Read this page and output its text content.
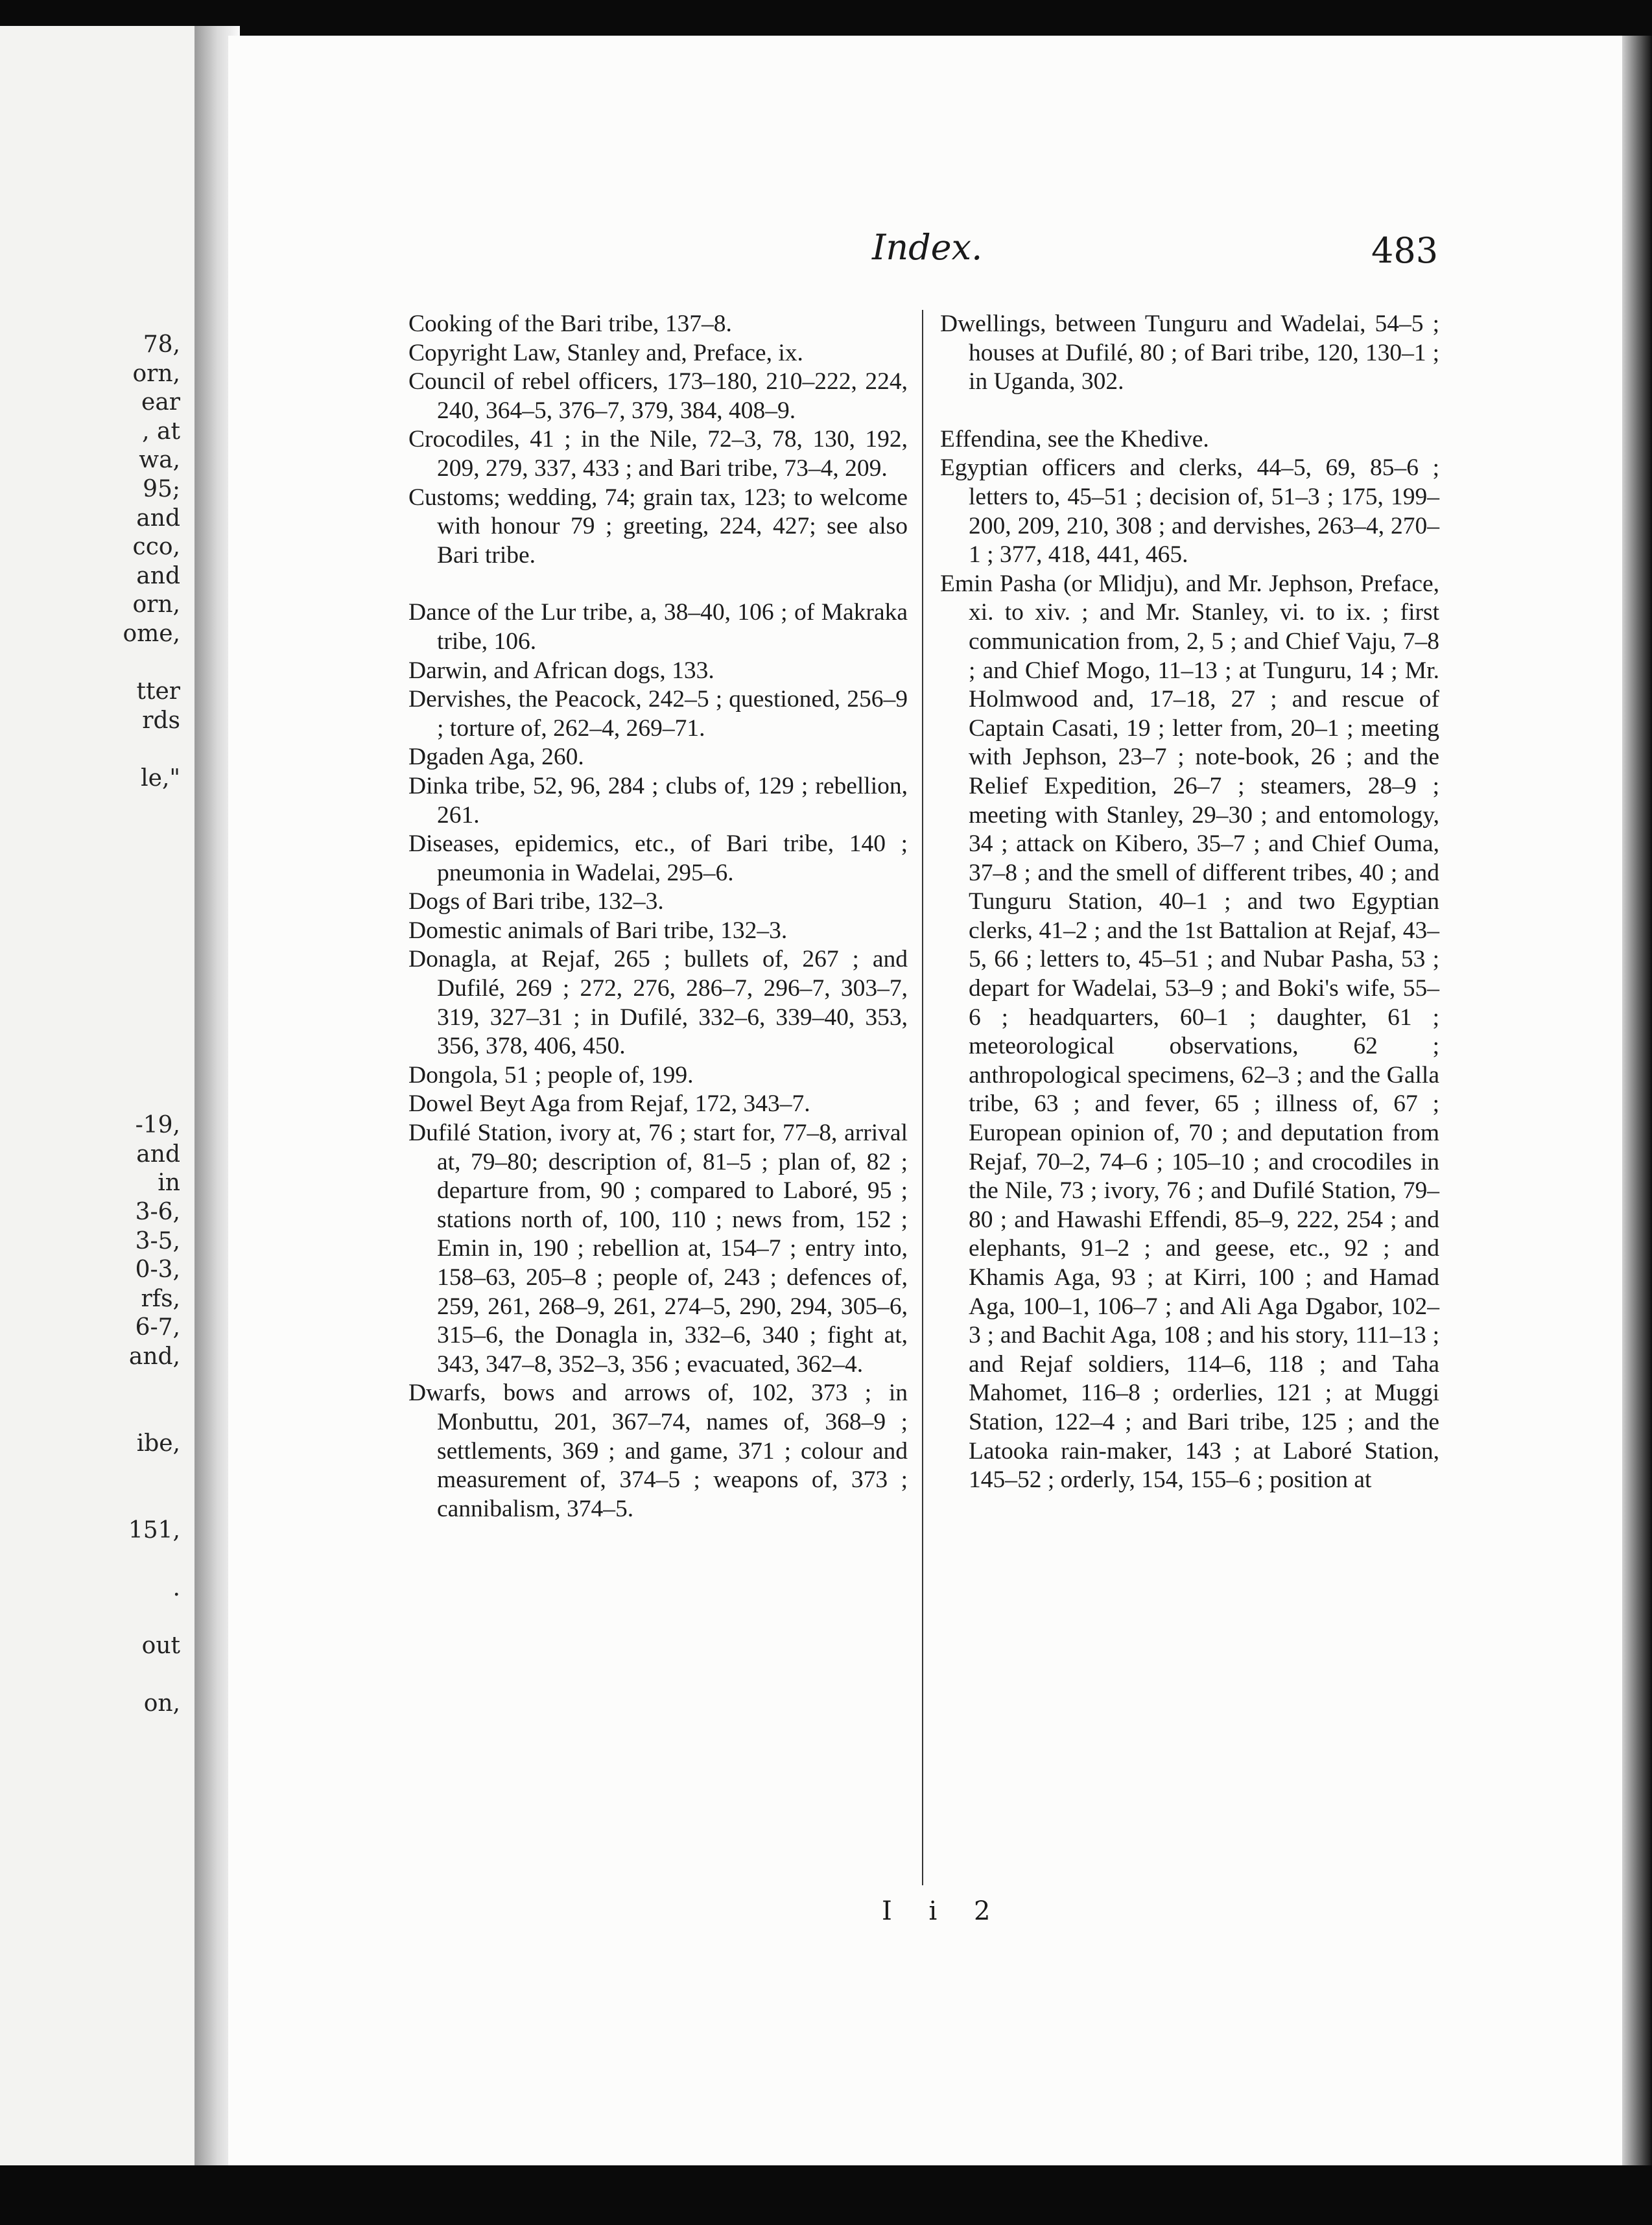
78,
orn,
ear
, at
wa,
95;
and
cco,
and
orn,
ome,
tter
rds
le,"
-19,
and
in
3-6,
3-5,
0-3,
rfs,
6-7,
and,
ibe,
151,
.
out
on,
Index.	483

Cooking of the Bari tribe, 137–8.

Copyright Law, Stanley and, Preface, ix.

Council of rebel officers, 173–180, 210–222, 224, 240, 364–5, 376–7, 379, 384, 408–9.

Crocodiles, 41 ; in the Nile, 72–3, 78, 130, 192, 209, 279, 337, 433 ; and Bari tribe, 73–4, 209.

Customs; wedding, 74; grain tax, 123; to welcome with honour 79 ; greeting, 224, 427; see also Bari tribe.

Dance of the Lur tribe, a, 38–40, 106 ; of Makraka tribe, 106.

Darwin, and African dogs, 133.

Dervishes, the Peacock, 242–5 ; questioned, 256–9 ; torture of, 262–4, 269–71.

Dgaden Aga, 260.

Dinka tribe, 52, 96, 284 ; clubs of, 129 ; rebellion, 261.

Diseases, epidemics, etc., of Bari tribe, 140 ; pneumonia in Wadelai, 295–6.

Dogs of Bari tribe, 132–3.

Domestic animals of Bari tribe, 132–3.

Donagla, at Rejaf, 265 ; bullets of, 267 ; and Dufilé, 269 ; 272, 276, 286–7, 296–7, 303–7, 319, 327–31 ; in Dufilé, 332–6, 339–40, 353, 356, 378, 406, 450.

Dongola, 51 ; people of, 199.

Dowel Beyt Aga from Rejaf, 172, 343–7.

Dufilé Station, ivory at, 76 ; start for, 77–8, arrival at, 79–80; description of, 81–5 ; plan of, 82 ; departure from, 90 ; compared to Laboré, 95 ; stations north of, 100, 110 ; news from, 152 ; Emin in, 190 ; rebellion at, 154–7 ; entry into, 158–63, 205–8 ; people of, 243 ; defences of, 259, 261, 268–9, 261, 274–5, 290, 294, 305–6, 315–6, the Donagla in, 332–6, 340 ; fight at, 343, 347–8, 352–3, 356 ; evacuated, 362–4.

Dwarfs, bows and arrows of, 102, 373 ; in Monbuttu, 201, 367–74, names of, 368–9 ; settlements, 369 ; and game, 371 ; colour and measurement of, 374–5 ; weapons of, 373 ; cannibalism, 374–5.

Dwellings, between Tunguru and Wadelai, 54–5 ; houses at Dufilé, 80 ; of Bari tribe, 120, 130–1 ; in Uganda, 302.

Effendina, see the Khedive.

Egyptian officers and clerks, 44–5, 69, 85–6 ; letters to, 45–51 ; decision of, 51–3 ; 175, 199–200, 209, 210, 308 ; and dervishes, 263–4, 270–1 ; 377, 418, 441, 465.

Emin Pasha (or Mlidju), and Mr. Jephson, Preface, xi. to xiv. ; and Mr. Stanley, vi. to ix. ; first communication from, 2, 5 ; and Chief Vaju, 7–8 ; and Chief Mogo, 11–13 ; at Tunguru, 14 ; Mr. Holmwood and, 17–18, 27 ; and rescue of Captain Casati, 19 ; letter from, 20–1 ; meeting with Jephson, 23–7 ; note-book, 26 ; and the Relief Expedition, 26–7 ; steamers, 28–9 ; meeting with Stanley, 29–30 ; and entomology, 34 ; attack on Kibero, 35–7 ; and Chief Ouma, 37–8 ; and the smell of different tribes, 40 ; and Tunguru Station, 40–1 ; and two Egyptian clerks, 41–2 ; and the 1st Battalion at Rejaf, 43–5, 66 ; letters to, 45–51 ; and Nubar Pasha, 53 ; depart for Wadelai, 53–9 ; and Boki's wife, 55–6 ; headquarters, 60–1 ; daughter, 61 ; meteorological observations, 62 ; anthropological specimens, 62–3 ; and the Galla tribe, 63 ; and fever, 65 ; illness of, 67 ; European opinion of, 70 ; and deputation from Rejaf, 70–2, 74–6 ; 105–10 ; and crocodiles in the Nile, 73 ; ivory, 76 ; and Dufilé Station, 79–80 ; and Hawashi Effendi, 85–9, 222, 254 ; and elephants, 91–2 ; and geese, etc., 92 ; and Khamis Aga, 93 ; at Kirri, 100 ; and Hamad Aga, 100–1, 106–7 ; and Ali Aga Dgabor, 102–3 ; and Bachit Aga, 108 ; and his story, 111–13 ; and Rejaf soldiers, 114–6, 118 ; and Taha Mahomet, 116–8 ; orderlies, 121 ; at Muggi Station, 122–4 ; and Bari tribe, 125 ; and the Latooka rain-maker, 143 ; at Laboré Station, 145–52 ; orderly, 154, 155–6 ; position at

I i 2
